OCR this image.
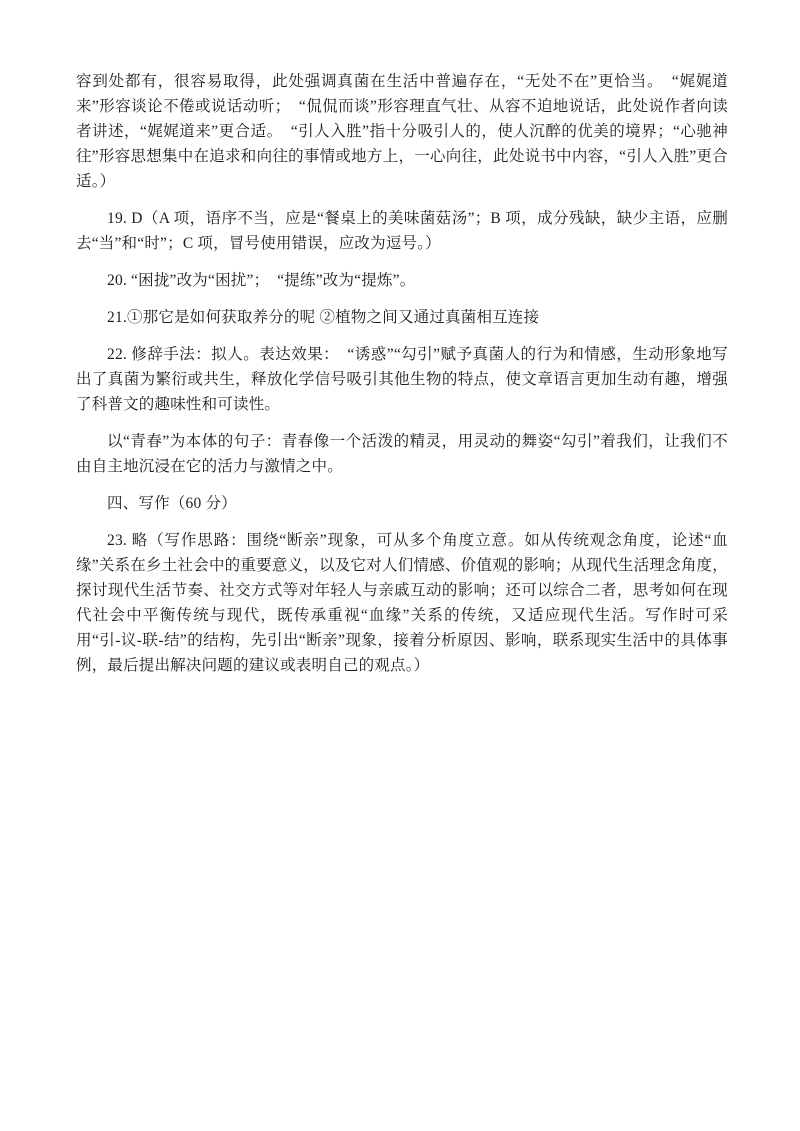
容到处都有，很容易取得，此处强调真菌在生活中普遍存在，“无处不在”更恰当。　“娓娓道来”形容谈论不倦或说话动听；　“侃侃而谈”形容理直气壮、从容不迫地说话，此处说作者向读者讲述，“娓娓道来”更合适。　“引人入胜”指十分吸引人的，使人沉醉的优美的境界；“心驰神往”形容思想集中在追求和向往的事情或地方上，一心向往，此处说书中内容，“引人入胜”更合适。）

19. D（A 项，语序不当，应是“餐桌上的美味菌菇汤”；B 项，成分残缺，缺少主语，应删去“当”和“时”；C 项，冒号使用错误，应改为逗号。）

20. “困拢”改为“困扰”；　“提练”改为“提炼”。

21.①那它是如何获取养分的呢 ②植物之间又通过真菌相互连接

22. 修辞手法：拟人。表达效果：　“诱惑”“勾引”赋予真菌人的行为和情感，生动形象地写出了真菌为繁衍或共生，释放化学信号吸引其他生物的特点，使文章语言更加生动有趣，增强了科普文的趣味性和可读性。

以“青春”为本体的句子：青春像一个活泼的精灵，用灵动的舞姿“勾引”着我们，让我们不由自主地沉浸在它的活力与激情之中。

四、写作（60 分）

23. 略（写作思路：围绕“断亲”现象，可从多个角度立意。如从传统观念角度，论述“血缘”关系在乡土社会中的重要意义，以及它对人们情感、价值观的影响；从现代生活理念角度，探讨现代生活节奏、社交方式等对年轻人与亲戚互动的影响；还可以综合二者，思考如何在现代社会中平衡传统与现代，既传承重视“血缘”关系的传统，又适应现代生活。写作时可采用“引-议-联-结”的结构，先引出“断亲”现象，接着分析原因、影响，联系现实生活中的具体事例，最后提出解决问题的建议或表明自己的观点。）
